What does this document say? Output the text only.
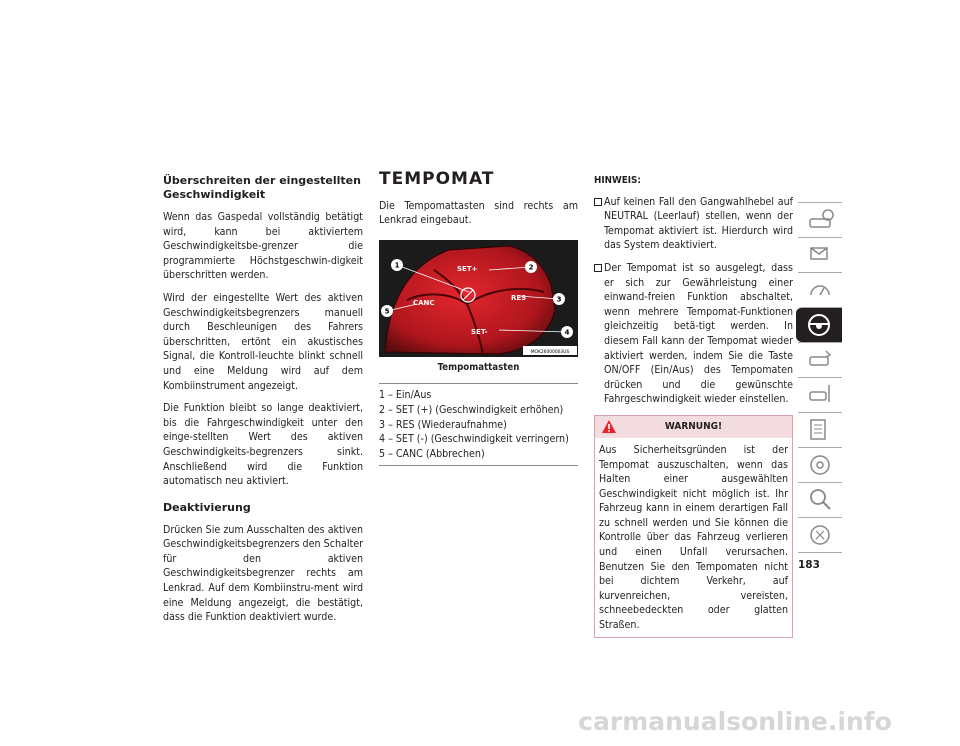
Überschreiten der eingestellten Geschwindigkeit

Wenn das Gaspedal vollständig betätigt wird, kann bei aktiviertem Geschwindigkeitsbe-grenzer die programmierte Höchstgeschwin-digkeit überschritten werden.

Wird der eingestellte Wert des aktiven Geschwindigkeitsbegrenzers manuell durch Beschleunigen des Fahrers überschritten, ertönt ein akustisches Signal, die Kontroll-leuchte blinkt schnell und eine Meldung wird auf dem Kombiinstrument angezeigt.

Die Funktion bleibt so lange deaktiviert, bis die Fahrgeschwindigkeit unter den einge-stellten Wert des aktiven Geschwindigkeits-begrenzers sinkt. Anschließend wird die Funktion automatisch neu aktiviert.

Deaktivierung

Drücken Sie zum Ausschalten des aktiven Geschwindigkeitsbegrenzers den Schalter für den aktiven Geschwindigkeitsbegrenzer rechts am Lenkrad. Auf dem Kombiinstru-ment wird eine Meldung angezeigt, die bestätigt, dass die Funktion deaktiviert wurde.

TEMPOMAT

Die Tempomattasten sind rechts am Lenkrad eingebaut.

SET+
RES
SET-
CANC
1	2
3
4
5
MOK26000003US
Tempomattasten
1 – Ein/Aus
2 – SET (+) (Geschwindigkeit erhöhen)
3 – RES (Wiederaufnahme)
4 – SET (-) (Geschwindigkeit verringern)
5 – CANC (Abbrechen)
HINWEIS:
Auf keinen Fall den Gangwahlhebel auf NEUTRAL (Leerlauf) stellen, wenn der Tempomat aktiviert ist. Hierdurch wird das System deaktiviert.
Der Tempomat ist so ausgelegt, dass er sich zur Gewährleistung einer einwand-freien Funktion abschaltet, wenn mehrere Tempomat-Funktionen gleichzeitig betä-tigt werden. In diesem Fall kann der Tempomat wieder aktiviert werden, indem Sie die Taste ON/OFF (Ein/Aus) des Tempomaten drücken und die gewünschte Fahrgeschwindigkeit wieder einstellen.
WARNUNG!
Aus Sicherheitsgründen ist der Tempomat auszuschalten, wenn das Halten einer ausgewählten Geschwindigkeit nicht möglich ist. Ihr Fahrzeug kann in einem derartigen Fall zu schnell werden und Sie können die Kontrolle über das Fahrzeug verlieren und einen Unfall verursachen. Benutzen Sie den Tempomaten nicht bei dichtem Verkehr, auf kurvenreichen, vereisten, schneebedeckten oder glatten Straßen.
183
carmanualsonline.info
